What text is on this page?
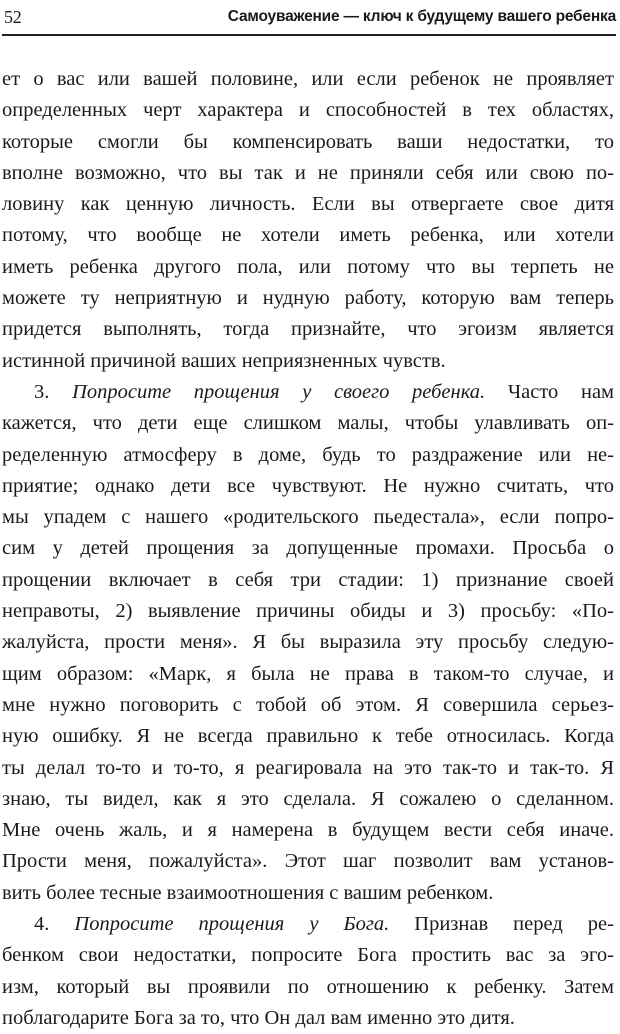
52	Самоуважение — ключ к будущему вашего ребенка
ет о вас или вашей половине, или если ребенок не проявляет
определенных черт характера и способностей в тех областях,
которые смогли бы компенсировать ваши недостатки, то
вполне возможно, что вы так и не приняли себя или свою по-
ловину как ценную личность. Если вы отвергаете свое дитя
потому, что вообще не хотели иметь ребенка, или хотели
иметь ребенка другого пола, или потому что вы терпеть не
можете ту неприятную и нудную работу, которую вам теперь
придется выполнять, тогда признайте, что эгоизм является
истинной причиной ваших неприязненных чувств.
3. Попросите прощения у своего ребенка. Часто нам
кажется, что дети еще слишком малы, чтобы улавливать оп-
ределенную атмосферу в доме, будь то раздражение или не-
приятие; однако дети все чувствуют. Не нужно считать, что
мы упадем с нашего «родительского пьедестала», если попро-
сим у детей прощения за допущенные промахи. Просьба о
прощении включает в себя три стадии: 1) признание своей
неправоты, 2) выявление причины обиды и 3) просьбу: «По-
жалуйста, прости меня». Я бы выразила эту просьбу следую-
щим образом: «Марк, я была не права в таком-то случае, и
мне нужно поговорить с тобой об этом. Я совершила серьез-
ную ошибку. Я не всегда правильно к тебе относилась. Когда
ты делал то-то и то-то, я реагировала на это так-то и так-то. Я
знаю, ты видел, как я это сделала. Я сожалею о сделанном.
Мне очень жаль, и я намерена в будущем вести себя иначе.
Прости меня, пожалуйста». Этот шаг позволит вам установ-
вить более тесные взаимоотношения с вашим ребенком.
4. Попросите прощения у Бога. Признав перед ре-
бенком свои недостатки, попросите Бога простить вас за эго-
изм, который вы проявили по отношению к ребенку. Затем
поблагодарите Бога за то, что Он дал вам именно это дитя.
